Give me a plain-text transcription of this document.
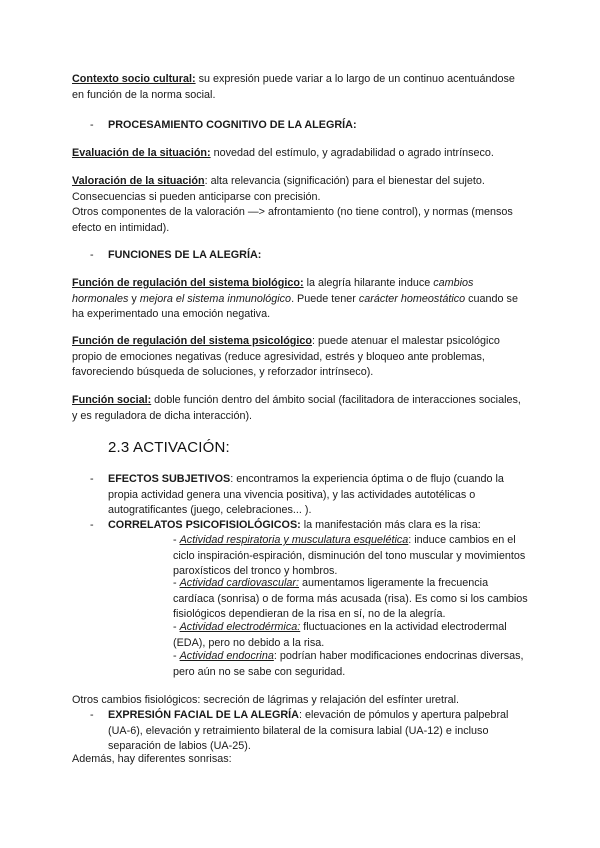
Contexto socio cultural: su expresión puede variar a lo largo de un continuo acentuándose en función de la norma social.

- PROCESAMIENTO COGNITIVO DE LA ALEGRÍA:

Evaluación de la situación: novedad del estímulo, y agradabilidad o agrado intrínseco.

Valoración de la situación: alta relevancia (significación) para el bienestar del sujeto.
Consecuencias si pueden anticiparse con precisión.
Otros componentes de la valoración —> afrontamiento (no tiene control), y normas (mensos efecto en intimidad).

- FUNCIONES DE LA ALEGRÍA:

Función de regulación del sistema biológico: la alegría hilarante induce cambios hormonales y mejora el sistema inmunológico. Puede tener carácter homeostático cuando se ha experimentado una emoción negativa.

Función de regulación del sistema psicológico: puede atenuar el malestar psicológico propio de emociones negativas (reduce agresividad, estrés y bloqueo ante problemas, favoreciendo búsqueda de soluciones, y reforzador intrínseco).

Función social: doble función dentro del ámbito social (facilitadora de interacciones sociales, y es reguladora de dicha interacción).

2.3 ACTIVACIÓN:
- EFECTOS SUBJETIVOS: encontramos la experiencia óptima o de flujo (cuando la propia actividad genera una vivencia positiva), y las actividades autotélicas o autogratificantes (juego, celebraciones... ).

- CORRELATOS PSICOFISIOLÓGICOS: la manifestación más clara es la risa:

- Actividad respiratoria y musculatura esquelética: induce cambios en el ciclo inspiración-espiración, disminución del tono muscular y movimientos paroxísticos del tronco y hombros.

- Actividad cardiovascular: aumentamos ligeramente la frecuencia cardíaca (sonrisa) o de forma más acusada (risa). Es como si los cambios fisiológicos dependieran de la risa en sí, no de la alegría.

- Actividad electrodérmica: fluctuaciones en la actividad electrodermal (EDA), pero no debido a la risa.

- Actividad endocrina: podrían haber modificaciones endocrinas diversas, pero aún no se sabe con seguridad.

Otros cambios fisiológicos: secreción de lágrimas y relajación del esfínter uretral.

- EXPRESIÓN FACIAL DE LA ALEGRÍA: elevación de pómulos y apertura palpebral (UA-6), elevación y retraimiento bilateral de la comisura labial (UA-12) e incluso separación de labios (UA-25).

Además, hay diferentes sonrisas:
